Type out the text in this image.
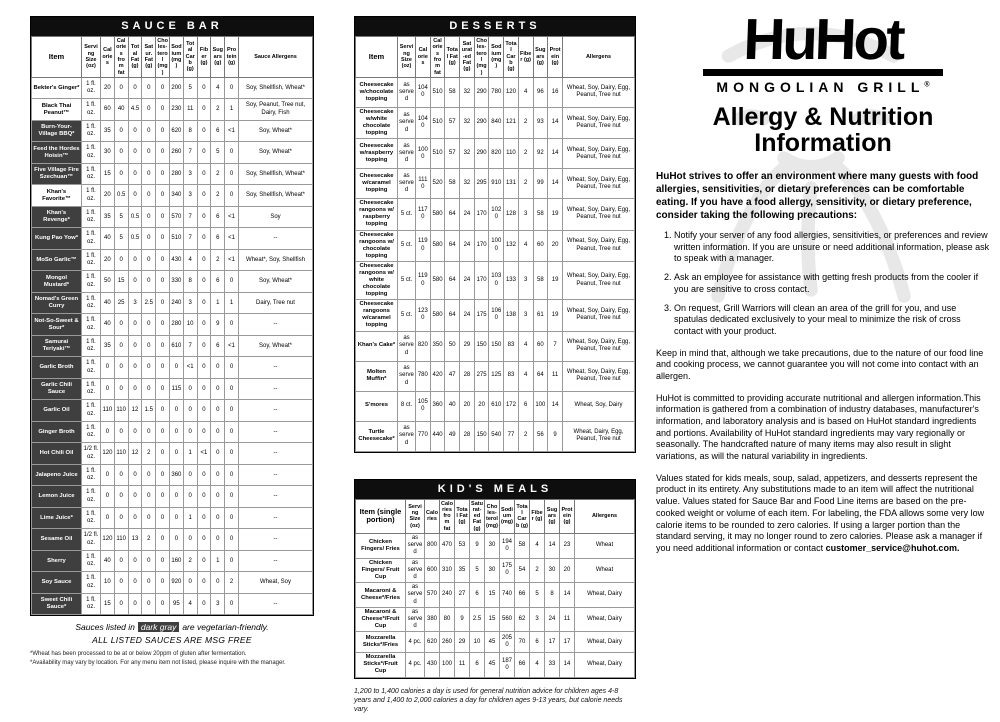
SAUCE BAR
Item	Serving Size (oz)	Calories	Calories from fat	Total Fat (g)	Satur. Fat (g)	Choles-terol (mg)	Sodium (mg)	Total Carb (g)	Fiber (g)	Sugars (g)	Protein (g)	Sauce Allergens
Bekter's Ginger*	1 fl. oz.	20	0	0	0	0	200	5	0	4	0	Soy, Shellfish, Wheat*
Black Thai Peanut™	1 fl. oz.	60	40	4.5	0	0	230	11	0	2	1	Soy, Peanut, Tree nut, Dairy, Fish
Burn-Your-Village BBQ*	1 fl. oz.	35	0	0	0	0	620	8	0	6	<1	Soy, Wheat*
Feed the Hordes Hoisin™	1 fl. oz.	30	0	0	0	0	260	7	0	5	0	Soy, Wheat*
Five Village Fire Szechuan™	1 fl. oz.	15	0	0	0	0	280	3	0	2	0	Soy, Shellfish, Wheat*
Khan's Favorite™	1 fl. oz.	20	0.5	0	0	0	340	3	0	2	0	Soy, Shellfish, Wheat*
Khan's Revenge*	1 fl. oz.	35	5	0.5	0	0	570	7	0	6	<1	Soy
Kung Pao Yow*	1 fl. oz.	40	5	0.5	0	0	510	7	0	6	<1	--
MoSo Garlic™	1 fl. oz.	20	0	0	0	0	430	4	0	2	<1	Wheat*, Soy, Shellfish
Mongol Mustard*	1 fl. oz.	50	15	0	0	0	330	8	0	6	0	Soy, Wheat*
Nomad's Green Curry	1 fl. oz.	40	25	3	2.5	0	240	3	0	1	1	Dairy, Tree nut
Not-So-Sweet & Sour*	1 fl. oz.	40	0	0	0	0	280	10	0	9	0	--
Samurai Teriyaki™	1 fl. oz.	35	0	0	0	0	610	7	0	6	<1	Soy, Wheat*
Garlic Broth	1 fl. oz.	0	0	0	0	0	0	<1	0	0	0	--
Garlic Chili Sauce	1 fl. oz.	0	0	0	0	0	115	0	0	0	0	--
Garlic Oil	1 fl. oz.	110	110	12	1.5	0	0	0	0	0	0	--
Ginger Broth	1 fl. oz.	0	0	0	0	0	0	0	0	0	0	--
Hot Chili Oil	1/2 fl. oz.	120	110	12	2	0	0	1	<1	0	0	--
Jalapeno Juice	1 fl. oz.	0	0	0	0	0	360	0	0	0	0	--
Lemon Juice	1 fl. oz.	0	0	0	0	0	0	0	0	0	0	--
Lime Juice*	1 fl. oz.	0	0	0	0	0	0	1	0	0	0	--
Sesame Oil	1/2 fl. oz.	120	110	13	2	0	0	0	0	0	0	--
Sherry	1 fl. oz.	40	0	0	0	0	160	2	0	1	0	--
Soy Sauce	1 fl. oz.	10	0	0	0	0	920	0	0	0	2	Wheat, Soy
Sweet Chili Sauce*	1 fl. oz.	15	0	0	0	0	95	4	0	3	0	--

Sauces listed in dark gray are vegetarian-friendly.

ALL LISTED SAUCES ARE MSG FREE

*Wheat has been processed to be at or below 20ppm of gluten after fermentation.

*Availability may vary by location. For any menu item not listed, please inquire with the manager.

DESSERTS
Item	Serving Size (oz)	Calories	Calories from fat	Total Fat (g)	Saturat-ed Fat (g)	Choles-terol (mg)	Sodium (mg)	Total Carb (g)	Fiber (g)	Sugars (g)	Protein (g)	Allergens
Cheesecake w/chocolate topping	as served	1040	510	58	32	290	780	120	4	96	16	Wheat, Soy, Dairy, Egg, Peanut, Tree nut
Cheesecake w/white chocolate topping	as served	1040	510	57	32	290	840	121	2	93	14	Wheat, Soy, Dairy, Egg, Peanut, Tree nut
Cheesecake w/raspberry topping	as served	1000	510	57	32	290	820	110	2	92	14	Wheat, Soy, Dairy, Egg, Peanut, Tree nut
Cheesecake w/caramel topping	as served	1110	520	58	32	295	910	131	2	99	14	Wheat, Soy, Dairy, Egg, Peanut, Tree nut
Cheesecake rangoons w/ raspberry topping	5 ct.	1170	580	64	24	170	1020	128	3	58	19	Wheat, Soy, Dairy, Egg, Peanut, Tree nut
Cheesecake rangoons w/ chocolate topping	5 ct.	1190	580	64	24	170	1000	132	4	60	20	Wheat, Soy, Dairy, Egg, Peanut, Tree nut
Cheesecake rangoons w/ white chocolate topping	5 ct.	1190	580	64	24	170	1030	133	3	58	19	Wheat, Soy, Dairy, Egg, Peanut, Tree nut
Cheesecake rangoons w/caramel topping	5 ct.	1230	580	64	24	175	1060	138	3	61	19	Wheat, Soy, Dairy, Egg, Peanut, Tree nut
Khan's Cake*	as served	820	350	50	29	150	150	83	4	60	7	Wheat, Soy, Dairy, Egg, Peanut, Tree nut
Molten Muffin*	as served	780	420	47	28	275	125	83	4	64	11	Wheat, Soy, Dairy, Egg, Peanut, Tree nut
S'mores	8 ct.	1050	360	40	20	20	610	172	6	100	14	Wheat, Soy, Dairy
Turtle Cheesecake*	as served	770	440	49	28	150	540	77	2	56	9	Wheat, Dairy, Egg, Peanut, Tree nut
KID'S MEALS
Item (single portion)	Serving Size (oz)	Calories	Calories from fat	Total Fat (g)	Saturat-ed Fat (g)	Choles-terol (mg)	Sodium (mg)	Total Carb (g)	Fiber (g)	Sugars (g)	Protein (g)	Allergens
Chicken Fingers/ Fries	as served	800	470	53	9	30	1940	58	4	14	23	Wheat
Chicken Fingers/ Fruit Cup	as served	600	310	35	5	30	1750	54	2	30	20	Wheat
Macaroni & Cheese*/Fries	as served	570	240	27	6	15	740	66	5	8	14	Wheat, Dairy
Macaroni & Cheese*/Fruit Cup	as served	380	80	9	2.5	15	560	62	3	24	11	Wheat, Dairy
Mozzarella Sticks*/Fries	4 pc.	620	260	29	10	45	2050	70	6	17	17	Wheat, Dairy
Mozzarella Sticks*/Fruit Cup	4 pc.	430	100	11	6	45	1870	66	4	33	14	Wheat, Dairy

1,200 to 1,400 calories a day is used for general nutrition advice for children ages 4-8 years and 1,400 to 2,000 calories a day for children ages 9-13 years, but calorie needs vary.

HuHot
MONGOLIAN GRILL®
Allergy & Nutrition Information

HuHot strives to offer an environment where many guests with food allergies, sensitivities, or dietary preferences can be comfortable eating. If you have a food allergy, sensitivity, or dietary preference, consider taking the following precautions:

1. Notify your server of any food allergies, sensitivities, or preferences and review written information. If you are unsure or need additional information, please ask to speak with a manager.
2. Ask an employee for assistance with getting fresh products from the cooler if you are sensitive to cross contact.
3. On request, Grill Warriors will clean an area of the grill for you, and use spatulas dedicated exclusively to your meal to minimize the risk of cross contact with your product.

Keep in mind that, although we take precautions, due to the nature of our food line and cooking process, we cannot guarantee you will not come into contact with an allergen.

HuHot is committed to providing accurate nutritional and allergen information.This information is gathered from a combination of industry databases, manufacturer's information, and laboratory analysis and is based on HuHot standard ingredients and portions. Availability of HuHot standard ingredients may vary regionally or seasonally. The handcrafted nature of many items may also result in slight variations, as will the natural variability in ingredients.

Values stated for kids meals, soup, salad, appetizers, and desserts represent the product in its entirety. Any substitutions made to an item will affect the nutritional value. Values stated for Sauce Bar and Food Line items are based on the pre-cooked weight or volume of each item. For labeling, the FDA allows some very low calorie items to be rounded to zero calories. If using a larger portion than the standard serving, it may no longer round to zero calories. Please ask a manager if you need additional information or contact customer_service@huhot.com.
